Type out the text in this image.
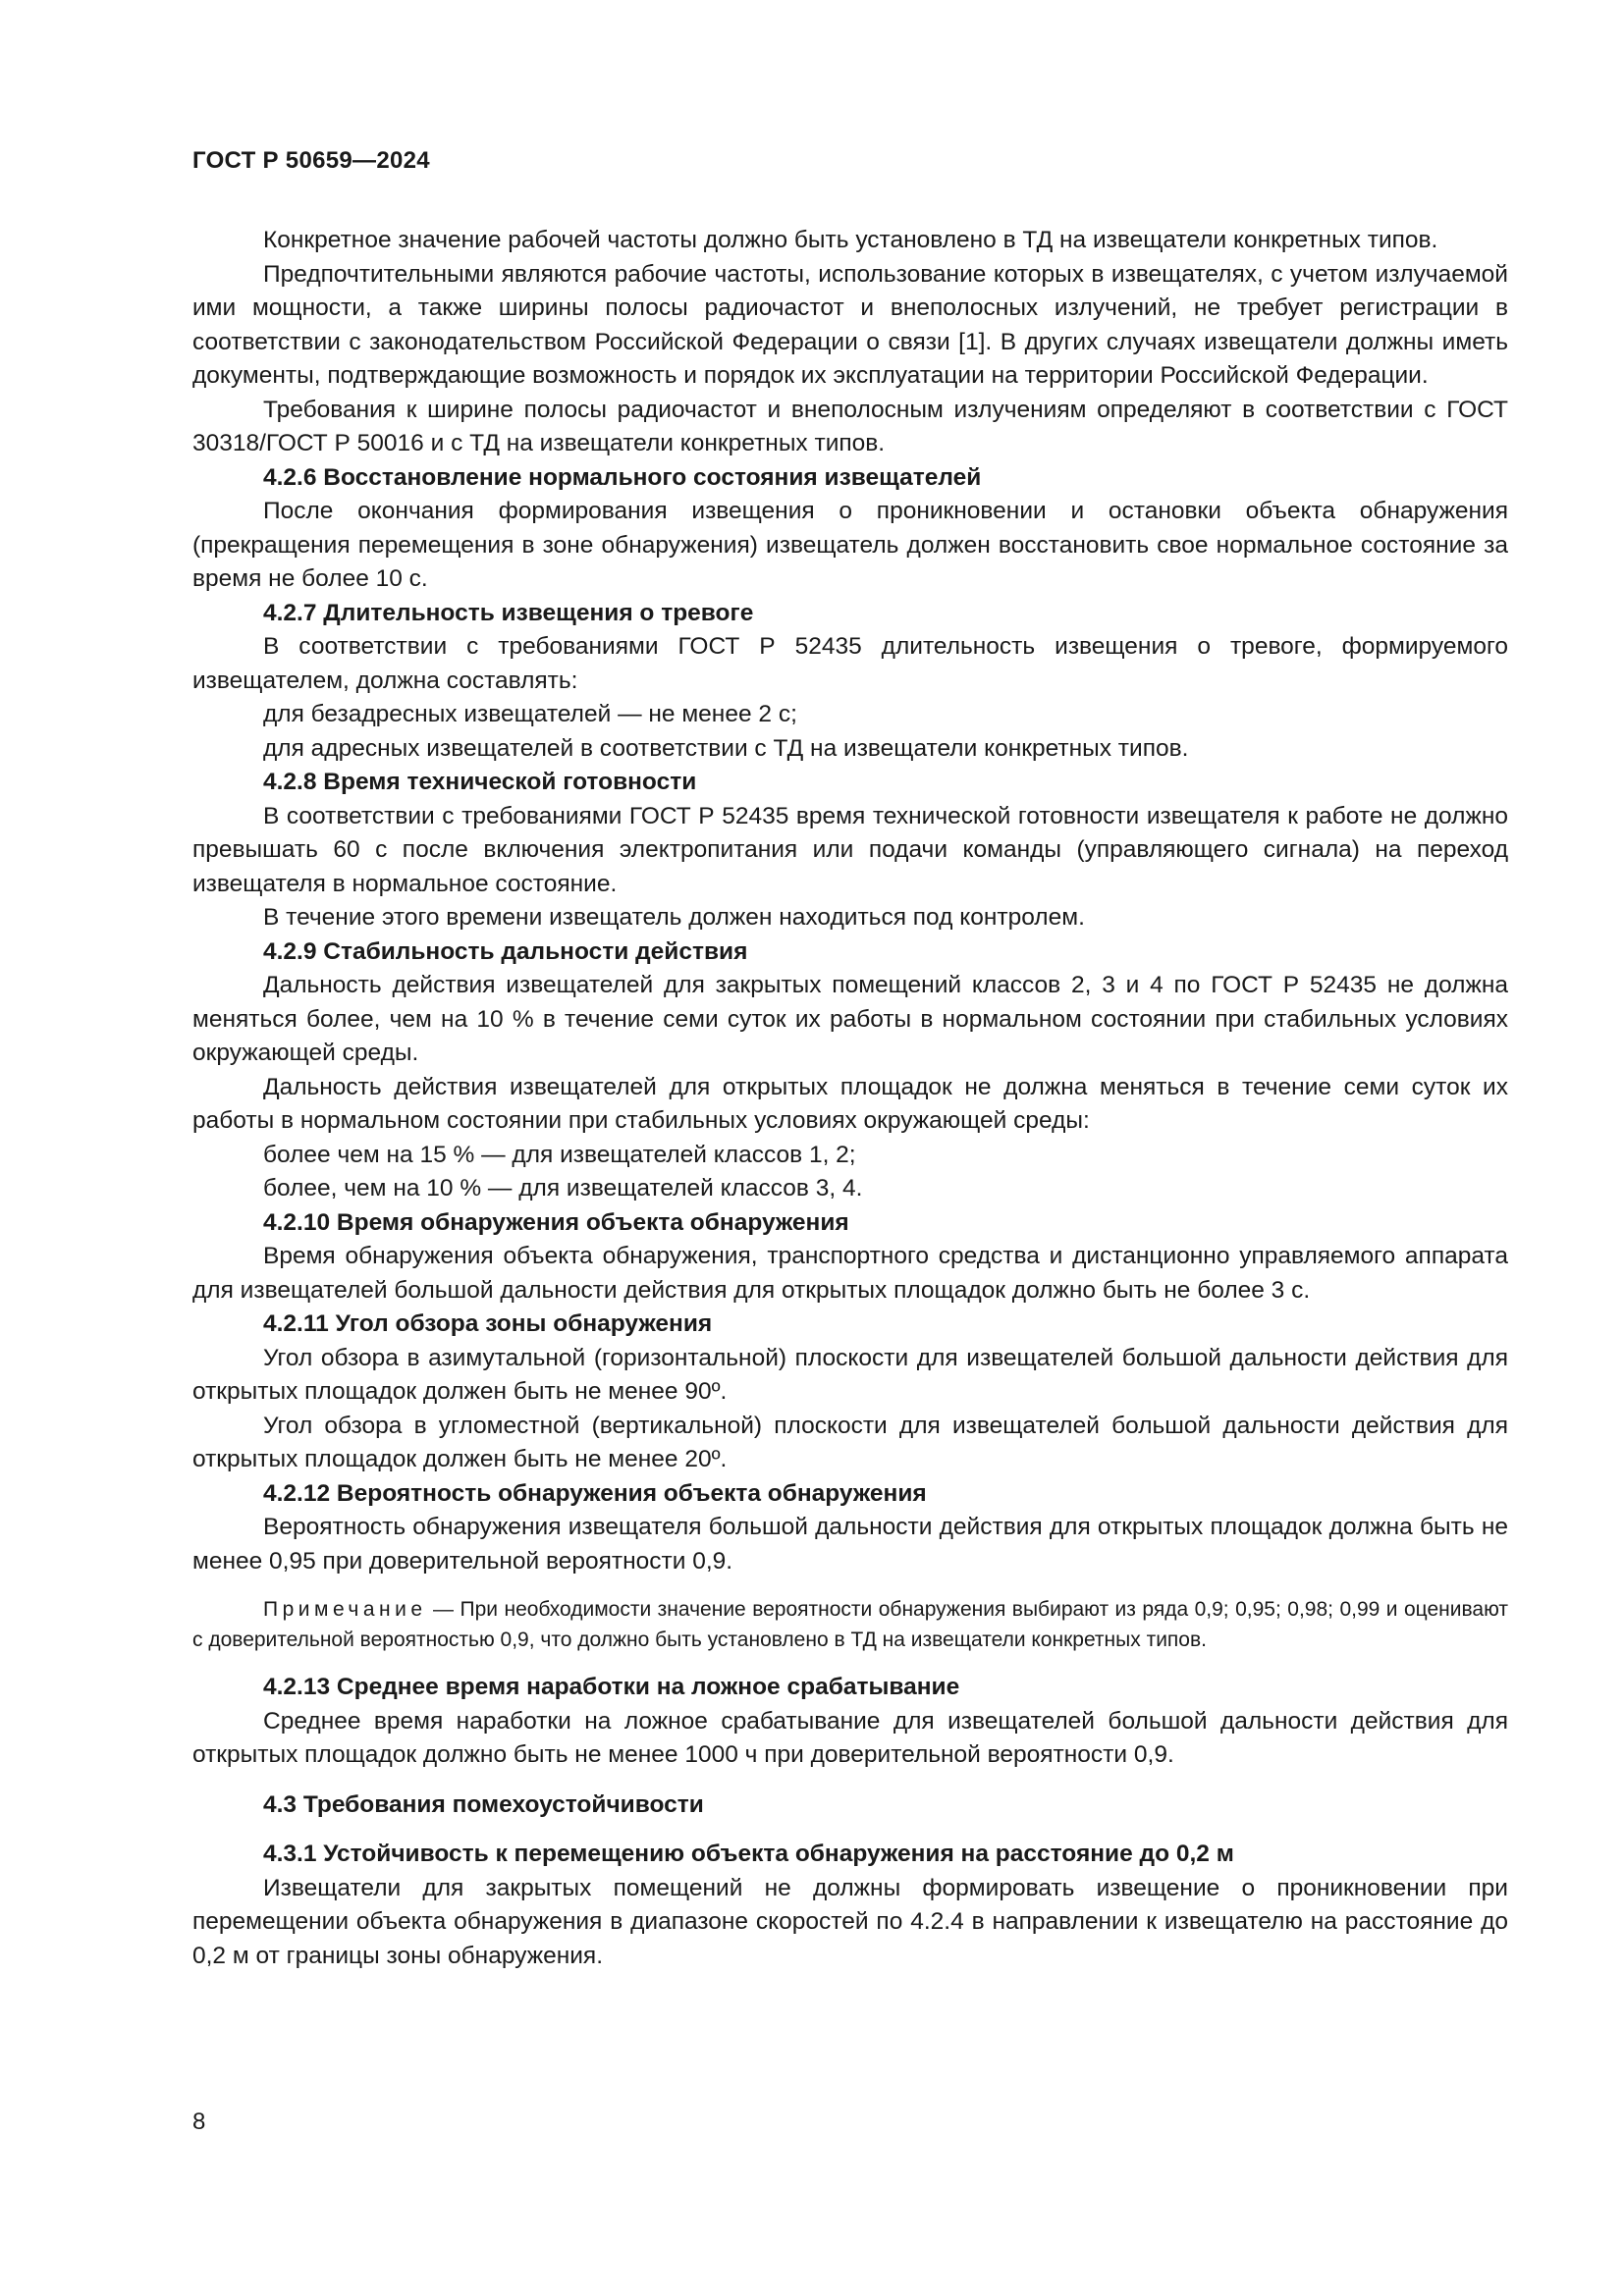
ГОСТ Р 50659—2024

Конкретное значение рабочей частоты должно быть установлено в ТД на извещатели конкретных типов.

Предпочтительными являются рабочие частоты, использование которых в извещателях, с учетом излучаемой ими мощности, а также ширины полосы радиочастот и внеполосных излучений, не требует регистрации в соответствии с законодательством Российской Федерации о связи [1]. В других случаях извещатели должны иметь документы, подтверждающие возможность и порядок их эксплуатации на территории Российской Федерации.

Требования к ширине полосы радиочастот и внеполосным излучениям определяют в соответствии с ГОСТ 30318/ГОСТ Р 50016 и с ТД на извещатели конкретных типов.

4.2.6 Восстановление нормального состояния извещателей

После окончания формирования извещения о проникновении и остановки объекта обнаружения (прекращения перемещения в зоне обнаружения) извещатель должен восстановить свое нормальное состояние за время не более 10 с.

4.2.7 Длительность извещения о тревоге

В соответствии с требованиями ГОСТ Р 52435 длительность извещения о тревоге, формируемого извещателем, должна составлять:

для безадресных извещателей — не менее 2 с;

для адресных извещателей в соответствии с ТД на извещатели конкретных типов.

4.2.8 Время технической готовности

В соответствии с требованиями ГОСТ Р 52435 время технической готовности извещателя к работе не должно превышать 60 с после включения электропитания или подачи команды (управляющего сигнала) на переход извещателя в нормальное состояние.

В течение этого времени извещатель должен находиться под контролем.

4.2.9 Стабильность дальности действия

Дальность действия извещателей для закрытых помещений классов 2, 3 и 4 по ГОСТ Р 52435 не должна меняться более, чем на 10 % в течение семи суток их работы в нормальном состоянии при стабильных условиях окружающей среды.

Дальность действия извещателей для открытых площадок не должна меняться в течение семи суток их работы в нормальном состоянии при стабильных условиях окружающей среды:

более чем на 15 % — для извещателей классов 1, 2;

более, чем на 10 % — для извещателей классов 3, 4.

4.2.10 Время обнаружения объекта обнаружения

Время обнаружения объекта обнаружения, транспортного средства и дистанционно управляемого аппарата для извещателей большой дальности действия для открытых площадок должно быть не более 3 с.

4.2.11 Угол обзора зоны обнаружения

Угол обзора в азимутальной (горизонтальной) плоскости для извещателей большой дальности действия для открытых площадок должен быть не менее 90º.

Угол обзора в угломестной (вертикальной) плоскости для извещателей большой дальности действия для открытых площадок должен быть не менее 20º.

4.2.12 Вероятность обнаружения объекта обнаружения

Вероятность обнаружения извещателя большой дальности действия для открытых площадок должна быть не менее 0,95 при доверительной вероятности 0,9.

Примечание — При необходимости значение вероятности обнаружения выбирают из ряда 0,9; 0,95; 0,98; 0,99 и оценивают с доверительной вероятностью 0,9, что должно быть установлено в ТД на извещатели конкретных типов.

4.2.13 Среднее время наработки на ложное срабатывание

Среднее время наработки на ложное срабатывание для извещателей большой дальности действия для открытых площадок должно быть не менее 1000 ч при доверительной вероятности 0,9.

4.3 Требования помехоустойчивости
4.3.1 Устойчивость к перемещению объекта обнаружения на расстояние до 0,2 м

Извещатели для закрытых помещений не должны формировать извещение о проникновении при перемещении объекта обнаружения в диапазоне скоростей по 4.2.4 в направлении к извещателю на расстояние до 0,2 м от границы зоны обнаружения.

8
